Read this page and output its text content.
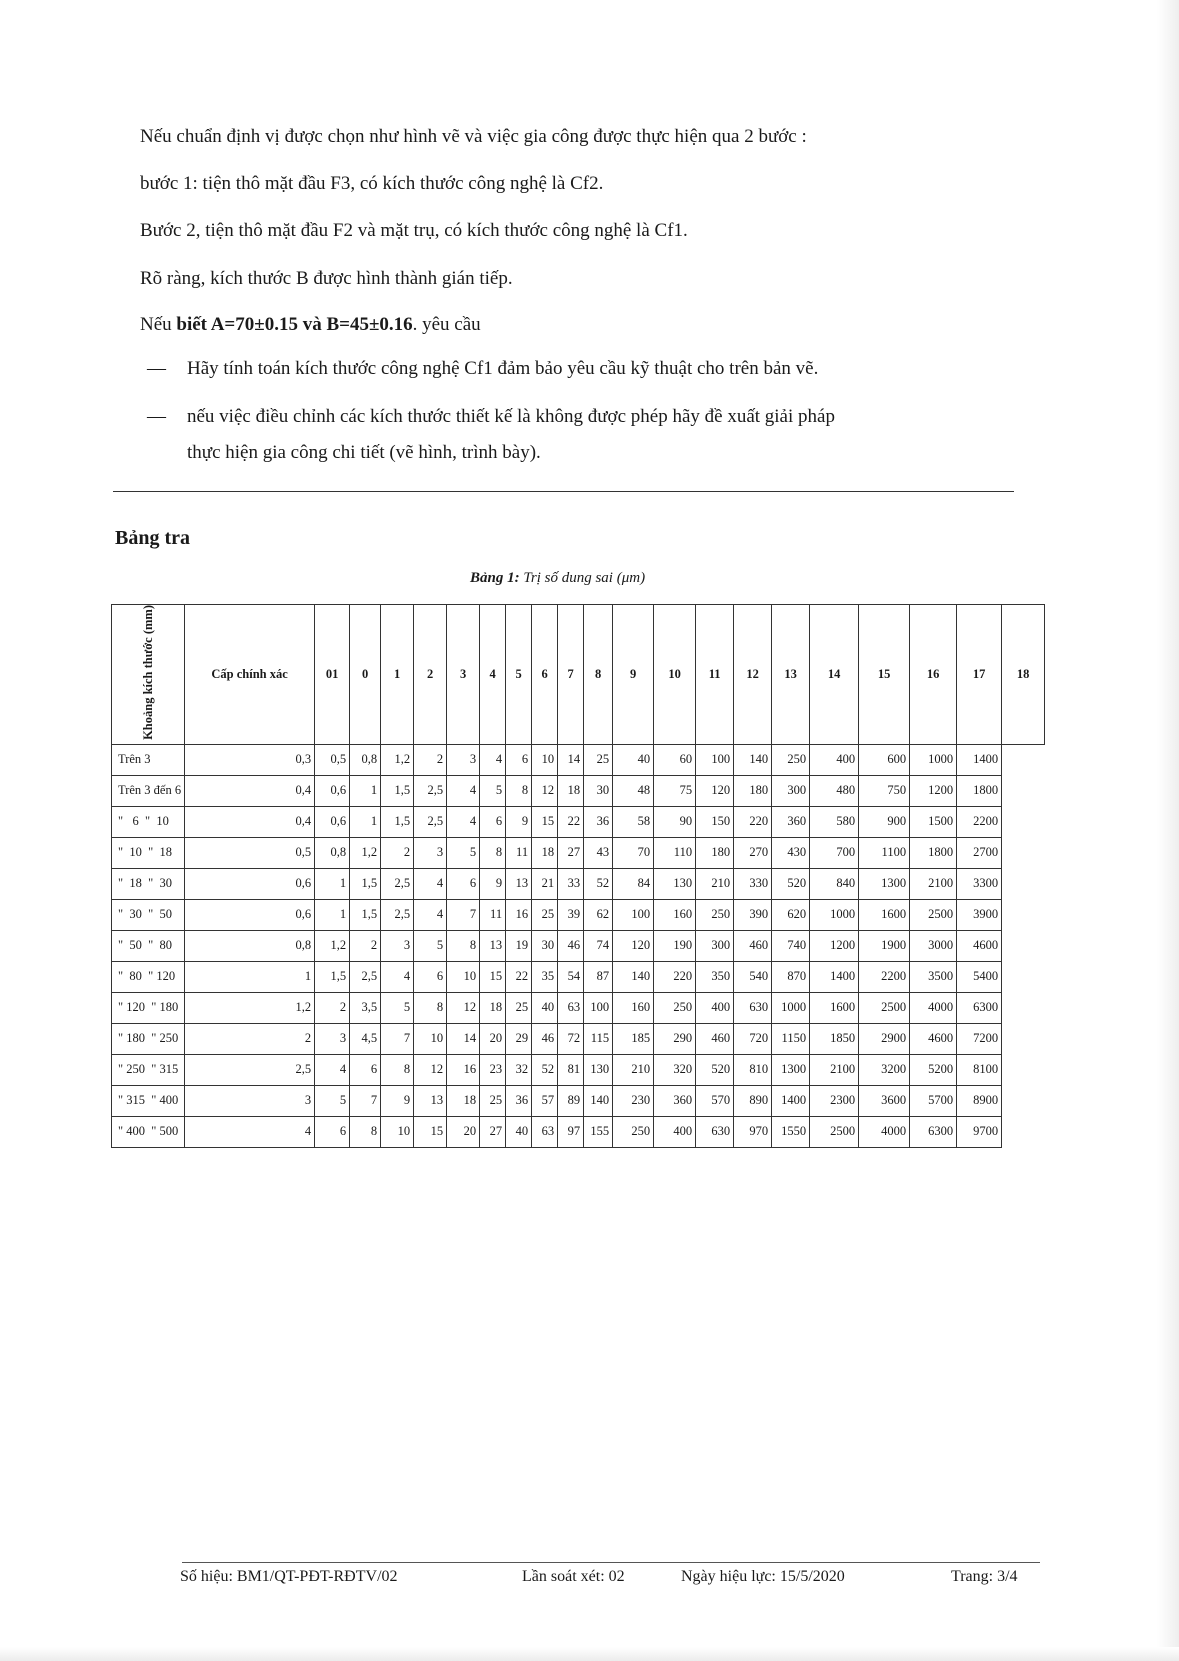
Nếu chuẩn định vị được chọn như hình vẽ và việc gia công được thực hiện qua 2 bước :
bước 1: tiện thô mặt đầu F3, có kích thước công nghệ là Cf2.
Bước 2, tiện thô mặt đầu F2 và mặt trụ, có kích thước công nghệ là Cf1.
Rõ ràng, kích thước B được hình thành gián tiếp.
Nếu biết A=70±0.15 và B=45±0.16. yêu cầu
— Hãy tính toán kích thước công nghệ Cf1 đảm bảo yêu cầu kỹ thuật cho trên bản vẽ.
— nếu việc điều chỉnh các kích thước thiết kế là không được phép hãy đề xuất giải pháp
thực hiện gia công chi tiết (vẽ hình, trình bày).
Bảng tra
Bảng 1: Trị số dung sai (μm)
Khoảng kích thước (mm)	Cấp chính xác	01	0	1	2	3	4	5	6	7	8	9	10	11	12	13	14	15	16	17	18
Trên 3	0,3	0,5	0,8	1,2	2	3	4	6	10	14	25	40	60	100	140	250	400	600	1000	1400	
Trên 3 đến 6	0,4	0,6	1	1,5	2,5	4	5	8	12	18	30	48	75	120	180	300	480	750	1200	1800	
"   6  "  10	0,4	0,6	1	1,5	2,5	4	6	9	15	22	36	58	90	150	220	360	580	900	1500	2200	
"  10  "  18	0,5	0,8	1,2	2	3	5	8	11	18	27	43	70	110	180	270	430	700	1100	1800	2700	
"  18  "  30	0,6	1	1,5	2,5	4	6	9	13	21	33	52	84	130	210	330	520	840	1300	2100	3300	
"  30  "  50	0,6	1	1,5	2,5	4	7	11	16	25	39	62	100	160	250	390	620	1000	1600	2500	3900	
"  50  "  80	0,8	1,2	2	3	5	8	13	19	30	46	74	120	190	300	460	740	1200	1900	3000	4600	
"  80  " 120	1	1,5	2,5	4	6	10	15	22	35	54	87	140	220	350	540	870	1400	2200	3500	5400	
" 120  " 180	1,2	2	3,5	5	8	12	18	25	40	63	100	160	250	400	630	1000	1600	2500	4000	6300	
" 180  " 250	2	3	4,5	7	10	14	20	29	46	72	115	185	290	460	720	1150	1850	2900	4600	7200	
" 250  " 315	2,5	4	6	8	12	16	23	32	52	81	130	210	320	520	810	1300	2100	3200	5200	8100	
" 315  " 400	3	5	7	9	13	18	25	36	57	89	140	230	360	570	890	1400	2300	3600	5700	8900	
" 400  " 500	4	6	8	10	15	20	27	40	63	97	155	250	400	630	970	1550	2500	4000	6300	9700	
Số hiệu: BM1/QT-PĐT-RĐTV/02	Lần soát xét: 02	Ngày hiệu lực: 15/5/2020	Trang: 3/4
